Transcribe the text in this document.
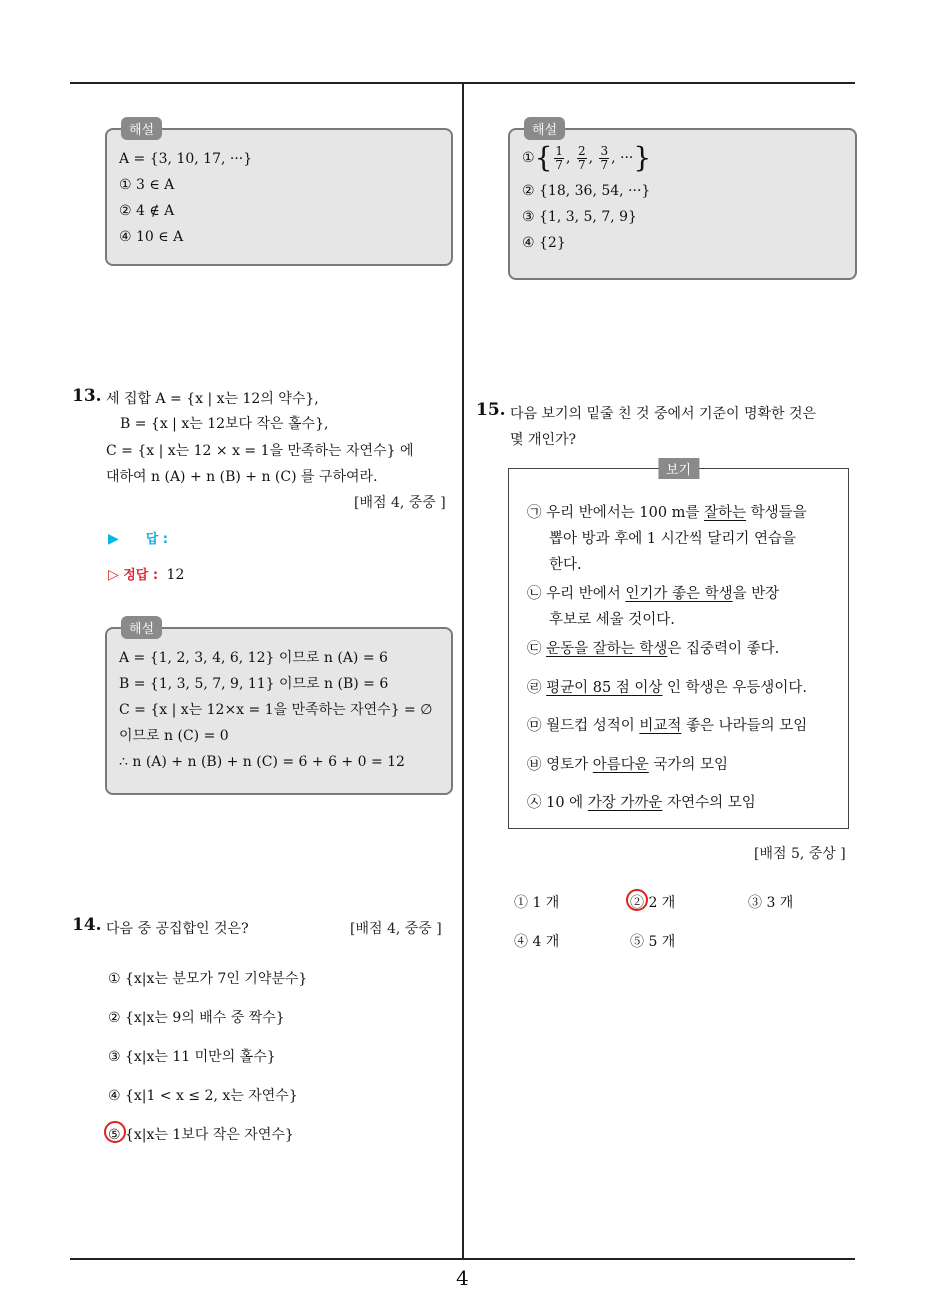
해설
A = {3, 10, 17, ···}
① 3 ∈ A
② 4 ∉ A
④ 10 ∈ A
13. 세 집합 A = {x | x는 12의 약수},
B = {x | x는 12보다 작은 홀수},
C = {x | x는 12 × x = 1을 만족하는 자연수} 에
대하여 n (A) + n (B) + n (C) 를 구하여라.
[배점 4, 중중 ]
▶ 답 :
▷ 정답 : 12
해설
A = {1, 2, 3, 4, 6, 12} 이므로 n (A) = 6
B = {1, 3, 5, 7, 9, 11} 이므로 n (B) = 6
C = {x | x는 12×x = 1을 만족하는 자연수} = ∅
이므로 n (C) = 0
∴ n (A) + n (B) + n (C) = 6 + 6 + 0 = 12
14. 다음 중 공집합인 것은?	[배점 4, 중중 ]
① {x|x는 분모가 7인 기약분수}
② {x|x는 9의 배수 중 짝수}
③ {x|x는 11 미만의 홀수}
④ {x|1 < x ≤ 2, x는 자연수}
⑤ {x|x는 1보다 작은 자연수}
해설
①{ $\frac{1}{7}$ , $\frac{2}{7}$ , $\frac{3}{7}$ , ···}
② {18, 36, 54, ···}
③ {1, 3, 5, 7, 9}
④ {2}
15. 다음 보기의 밑줄 친 것 중에서 기준이 명확한 것은
몇 개인가?
보기
㉠ 우리 반에서는 100 m를 잘하는 학생들을
뽑아 방과 후에 1 시간씩 달리기 연습을
한다.
㉡ 우리 반에서 인기가 좋은 학생을 반장
후보로 세울 것이다.
㉢ 운동을 잘하는 학생은 집중력이 좋다.
㉣ 평균이 85 점 이상 인 학생은 우등생이다.
㉤ 월드컵 성적이 비교적 좋은 나라들의 모임
㉥ 영토가 아름다운 국가의 모임
㉦ 10 에 가장 가까운 자연수의 모임
[배점 5, 중상 ]
① 1 개	② 2 개	③ 3 개
④ 4 개	⑤ 5 개
4
